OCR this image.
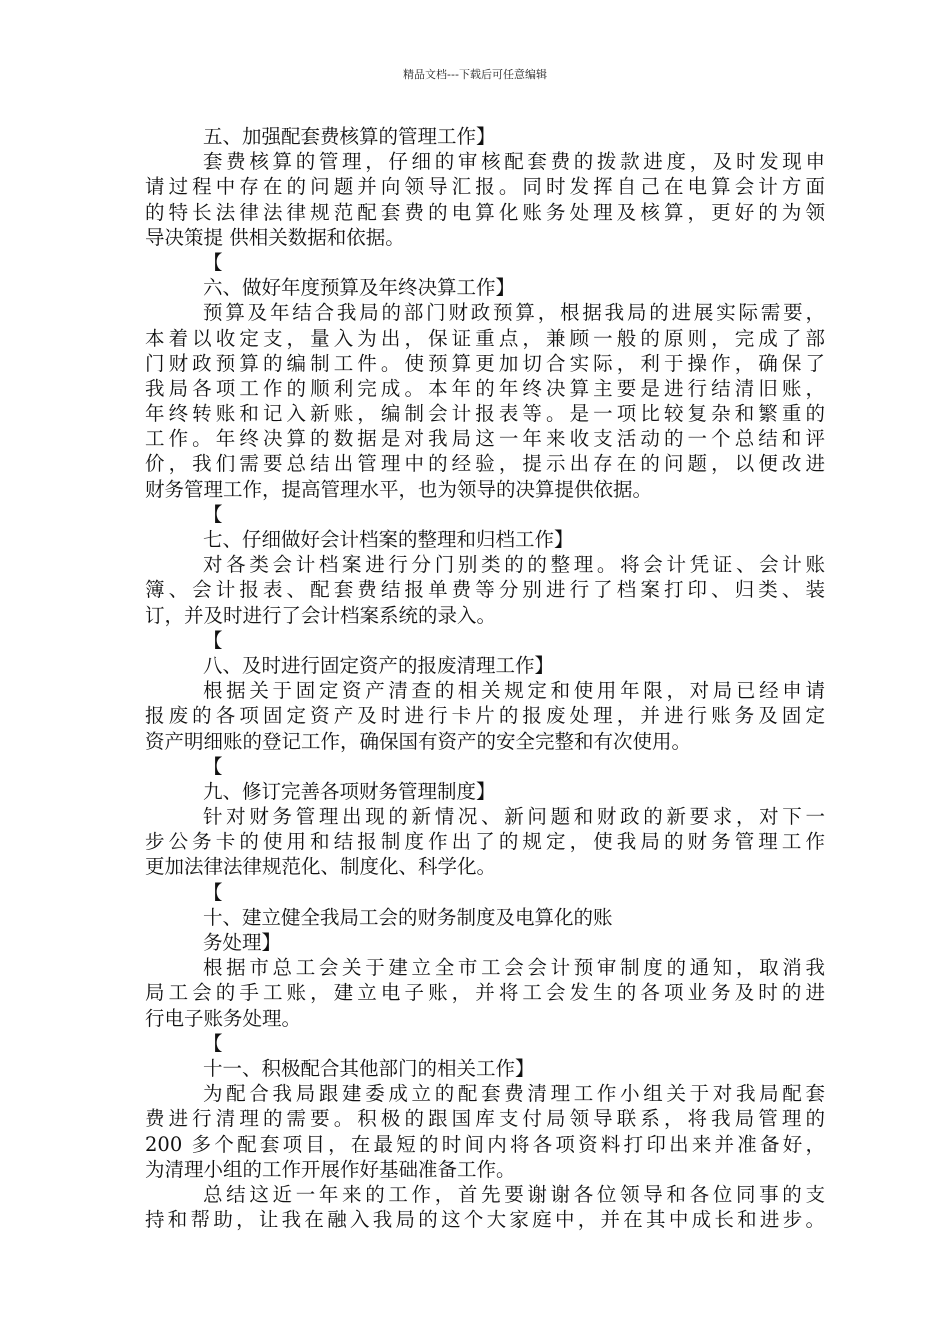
精品文档---下载后可任意编辑
五、加强配套费核算的管理工作】
套费核算的管理，仔细的审核配套费的拨款进度，及时发现申
请过程中存在的问题并向领导汇报。同时发挥自己在电算会计方面
的特长法律法律规范配套费的电算化账务处理及核算，更好的为领
导决策提 供相关数据和依据。
【
六、做好年度预算及年终决算工作】
预算及年结合我局的部门财政预算，根据我局的进展实际需要，
本着以收定支，量入为出，保证重点，兼顾一般的原则，完成了部
门财政预算的编制工件。使预算更加切合实际，利于操作，确保了
我局各项工作的顺利完成。本年的年终决算主要是进行结清旧账，
年终转账和记入新账，编制会计报表等。是一项比较复杂和繁重的
工作。年终决算的数据是对我局这一年来收支活动的一个总结和评
价，我们需要总结出管理中的经验，提示出存在的问题，以便改进
财务管理工作，提高管理水平，也为领导的决算提供依据。
【
七、仔细做好会计档案的整理和归档工作】
对各类会计档案进行分门别类的的整理。将会计凭证、会计账
簿、会计报表、配套费结报单费等分别进行了档案打印、归类、装
订，并及时进行了会计档案系统的录入。
【
八、及时进行固定资产的报废清理工作】
根据关于固定资产清查的相关规定和使用年限，对局已经申请
报废的各项固定资产及时进行卡片的报废处理，并进行账务及固定
资产明细账的登记工作，确保国有资产的安全完整和有次使用。
【
九、修订完善各项财务管理制度】
针对财务管理出现的新情况、新问题和财政的新要求，对下一
步公务卡的使用和结报制度作出了的规定，使我局的财务管理工作
更加法律法律规范化、制度化、科学化。
【
十、建立健全我局工会的财务制度及电算化的账
务处理】
根据市总工会关于建立全市工会会计预审制度的通知，取消我
局工会的手工账，建立电子账，并将工会发生的各项业务及时的进
行电子账务处理。
【
十一、积极配合其他部门的相关工作】
为配合我局跟建委成立的配套费清理工作小组关于对我局配套
费进行清理的需要。积极的跟国库支付局领导联系，将我局管理的
200 多个配套项目，在最短的时间内将各项资料打印出来并准备好，
为清理小组的工作开展作好基础准备工作。
总结这近一年来的工作，首先要谢谢各位领导和各位同事的支
持和帮助，让我在融入我局的这个大家庭中，并在其中成长和进步。
